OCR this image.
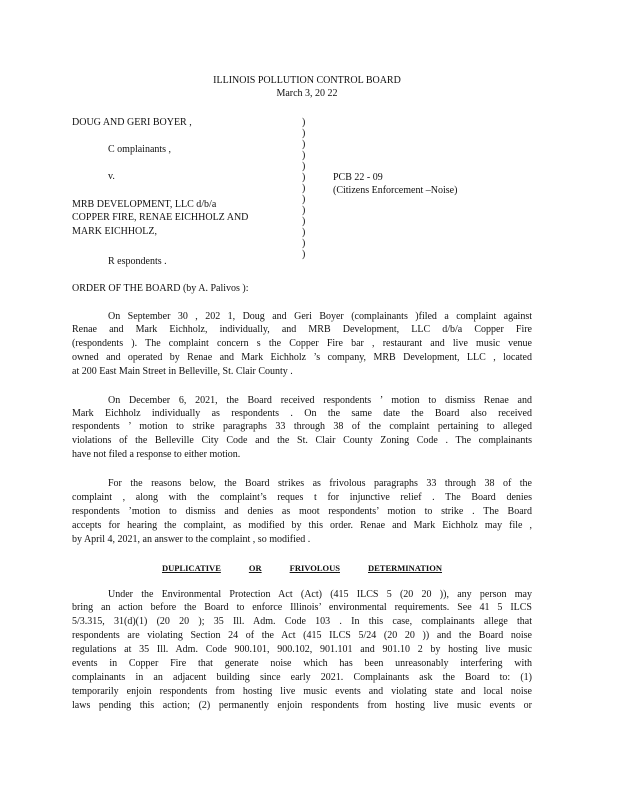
ILLINOIS POLLUTION CONTROL BOARD
March 3, 20 22
DOUG AND GERI BOYER ,
C omplainants ,
v.
MRB DEVELOPMENT, LLC d/b/a
COPPER FIRE, RENAE EICHHOLZ AND
MARK EICHHOLZ,
R espondents .
)
)
)
)
)
)
)
)
)
)
)
)
)
PCB 22 - 09
(Citizens Enforcement –Noise)
ORDER OF THE BOARD (by A. Palivos ):
On September 30 , 202 1, Doug and Geri Boyer (complainants )filed a complaint against
Renae and Mark Eichholz, individually, and MRB Development, LLC d/b/a Copper Fire
(respondents ). The complaint concern s the Copper Fire bar , restaurant and live music venue
owned and operated by Renae and Mark Eichholz ’s company, MRB Development, LLC , located
at 200 East Main Street in Belleville, St. Clair County .
On December 6, 2021, the Board received respondents ’ motion to dismiss Renae and
Mark Eichholz individually as respondents . On the same date the Board also received
respondents ’ motion to strike paragraphs 33 through 38 of the complaint pertaining to alleged
violations of the Belleville City Code and the St. Clair County Zoning Code . The complainants
have not filed a response to either motion.
For the reasons below, the Board strikes as frivolous paragraphs 33 through 38 of the
complaint , along with the complaint’s reques t for injunctive relief . The Board denies
respondents ’motion to dismiss and denies as moot respondents’ motion to strike . The Board
accepts for hearing the complaint, as modified by this order. Renae and Mark Eichholz may file ,
by April 4, 2021, an answer to the complaint , so modified .
DUPLICATIVE	OR	FRIVOLOUS	DETERMINATION
Under the Environmental Protection Act (Act) (415 ILCS 5 (20 20 )), any person may
bring an action before the Board to enforce Illinois’ environmental requirements. See 41 5 ILCS
5/3.315, 31(d)(1) (20 20 ); 35 Ill. Adm. Code 103 . In this case, complainants allege that
respondents are violating Section 24 of the Act (415 ILCS 5/24 (20 20 )) and the Board noise
regulations at 35 Ill. Adm. Code 900.101, 900.102, 901.101 and 901.10 2 by hosting live music
events in Copper Fire that generate noise which has been unreasonably interfering with
complainants in an adjacent building since early 2021. Complainants ask the Board to: (1)
temporarily enjoin respondents from hosting live music events and violating state and local noise
laws pending this action; (2) permanently enjoin respondents from hosting live music events or
